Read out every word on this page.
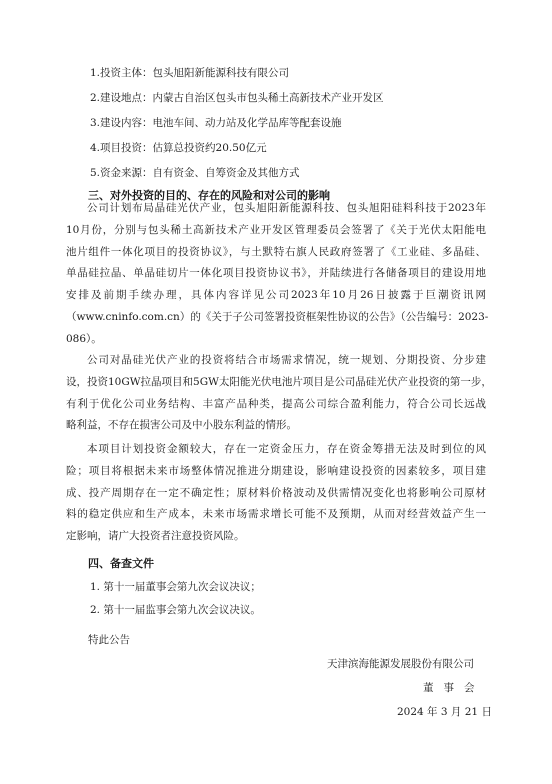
1.投资主体：包头旭阳新能源科技有限公司
2.建设地点：内蒙古自治区包头市包头稀土高新技术产业开发区
3.建设内容：电池车间、动力站及化学品库等配套设施
4.项目投资：估算总投资约20.50亿元
5.资金来源：自有资金、自筹资金及其他方式
三、对外投资的目的、存在的风险和对公司的影响
公司计划布局晶硅光伏产业，包头旭阳新能源科技、包头旭阳硅料科技于2023年
10月份，分别与包头稀土高新技术产业开发区管理委员会签署了《关于光伏太阳能电
池片组件一体化项目的投资协议》，与土默特右旗人民政府签署了《工业硅、多晶硅、
单晶硅拉晶、单晶硅切片一体化项目投资协议书》，并陆续进行各储备项目的建设用地
安排及前期手续办理，具体内容详见公司2023年10月26日披露于巨潮资讯网
（www.cninfo.com.cn）的《关于子公司签署投资框架性协议的公告》（公告编号：2023-
086）。
公司对晶硅光伏产业的投资将结合市场需求情况，统一规划、分期投资、分步建
设，投资10GW拉晶项目和5GW太阳能光伏电池片项目是公司晶硅光伏产业投资的第一步，
有利于优化公司业务结构、丰富产品种类，提高公司综合盈利能力，符合公司长远战
略利益，不存在损害公司及中小股东利益的情形。
本项目计划投资金额较大，存在一定资金压力，存在资金筹措无法及时到位的风
险；项目将根据未来市场整体情况推进分期建设，影响建设投资的因素较多，项目建
成、投产周期存在一定不确定性；原材料价格波动及供需情况变化也将影响公司原材
料的稳定供应和生产成本，未来市场需求增长可能不及预期，从而对经营效益产生一
定影响，请广大投资者注意投资风险。
四、备查文件
1. 第十一届董事会第九次会议决议；
2. 第十一届监事会第九次会议决议。
特此公告
天津滨海能源发展股份有限公司
董   事   会
2024 年 3 月 21 日
